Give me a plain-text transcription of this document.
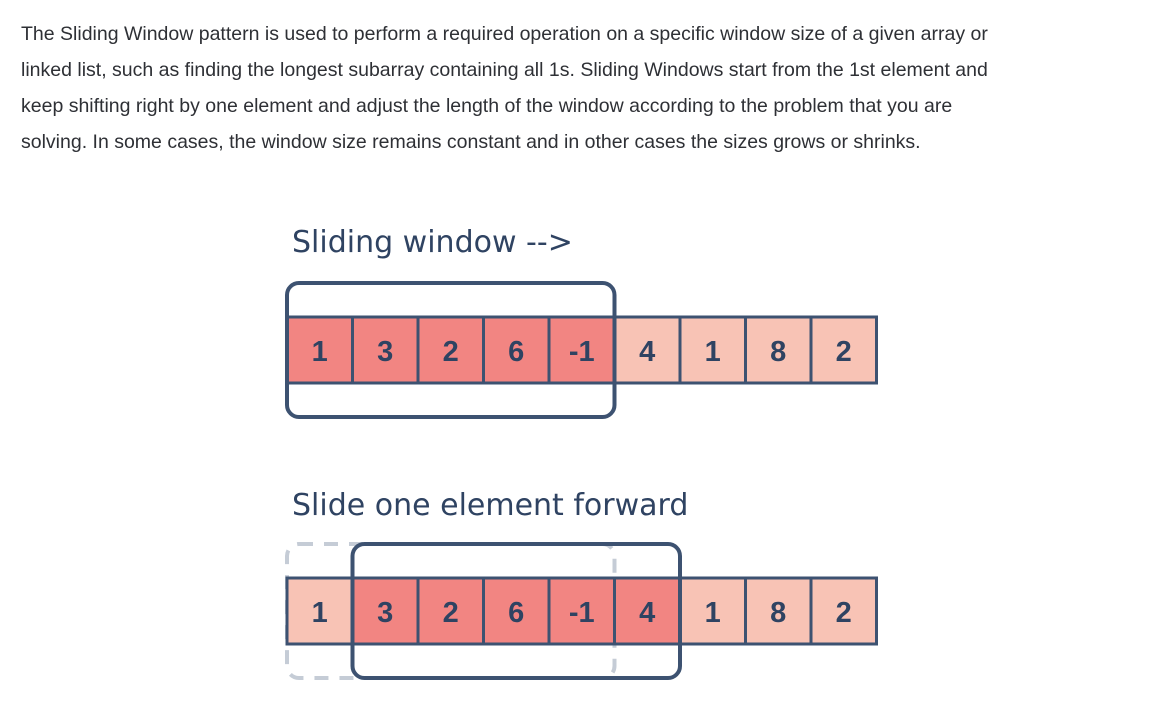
The Sliding Window pattern is used to perform a required operation on a specific window size of a given array or
linked list, such as finding the longest subarray containing all 1s. Sliding Windows start from the 1st element and
keep shifting right by one element and adjust the length of the window according to the problem that you are
solving. In some cases, the window size remains constant and in other cases the sizes grows or shrinks.
Sliding window -->
Slide one element forward
1 3 2 6 -1 4 1 8 2
1 3 2 6 -1 4 1 8 2
